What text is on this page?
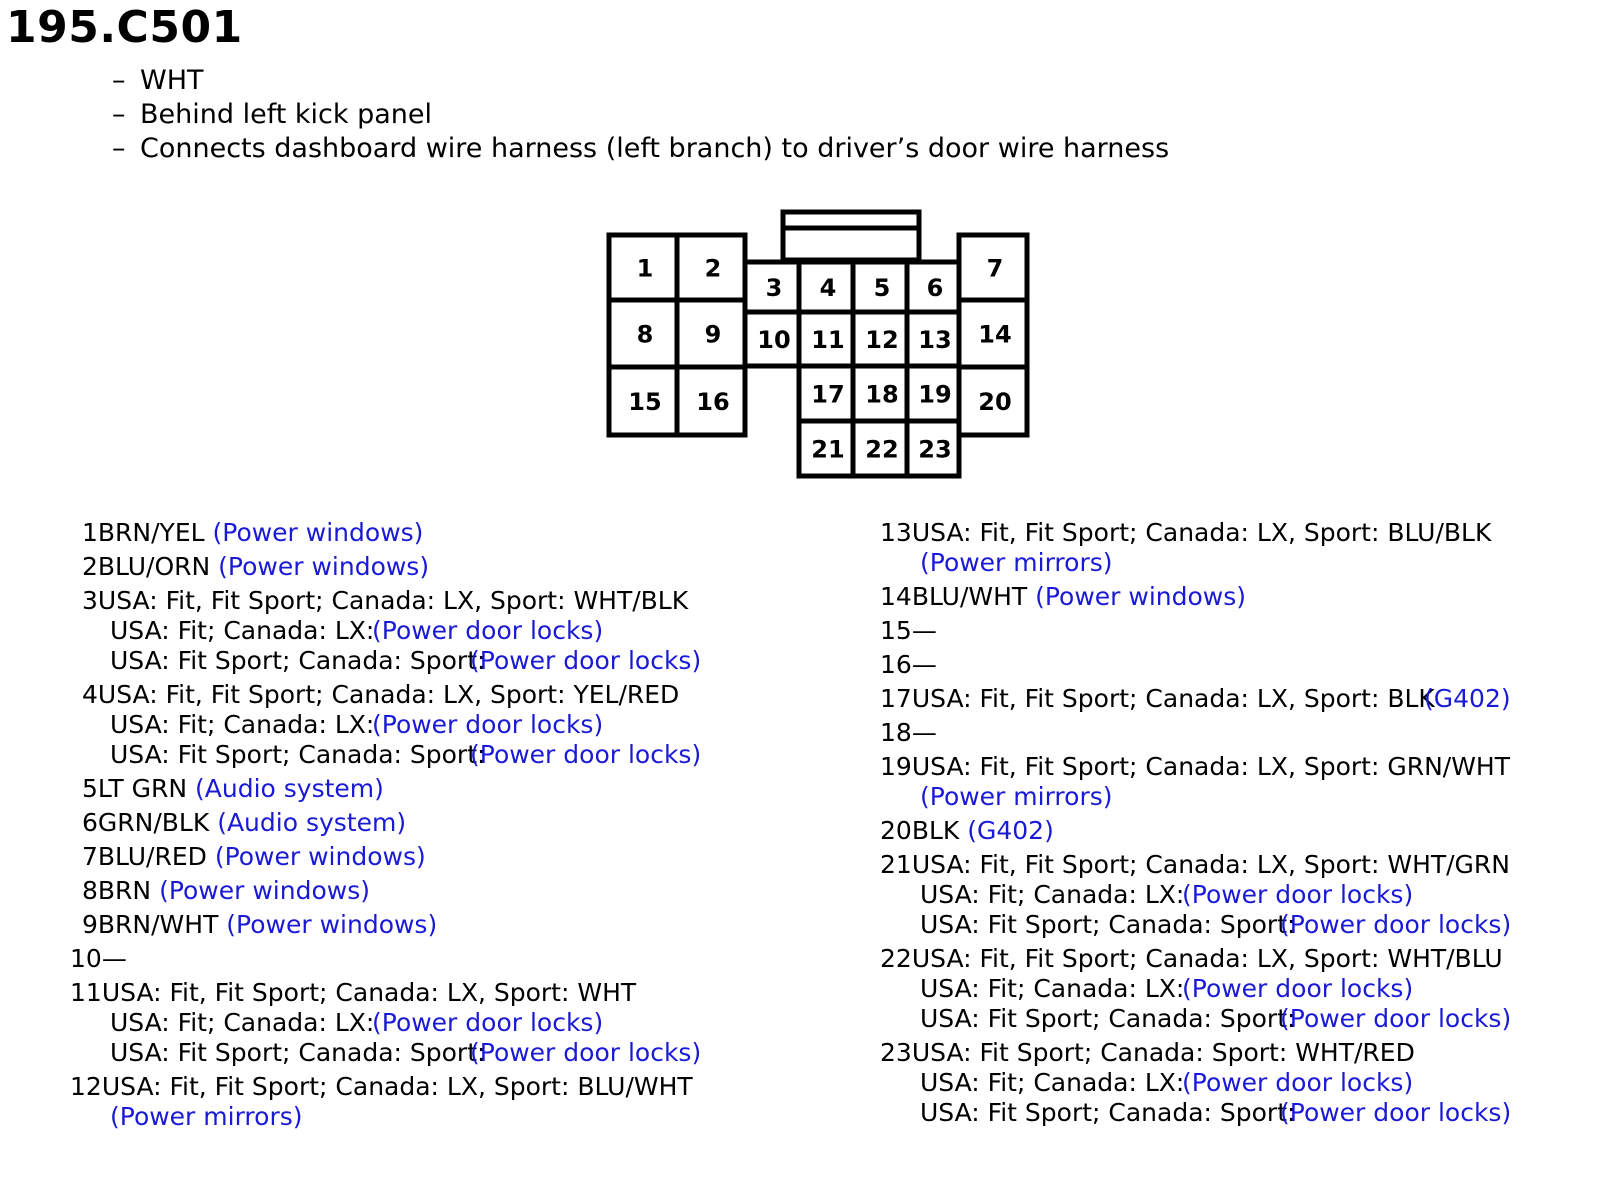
195.C501
– WHT
– Behind left kick panel
– Connects dashboard wire harness (left branch) to driver’s door wire harness
1 2
3 4 5 6
7
8 9 10 11 12 13 14
15 16	17 18 19 20
21 22 23
1BRN/YEL (Power windows)
2BLU/ORN (Power windows)
3USA: Fit, Fit Sport; Canada: LX, Sport: WHT/BLK
USA: Fit; Canada: LX:
(Power door locks)
USA: Fit Sport; Canada: Sport:
(Power door locks)
4USA: Fit, Fit Sport; Canada: LX, Sport: YEL/RED
USA: Fit; Canada: LX:
(Power door locks)
USA: Fit Sport; Canada: Sport:
(Power door locks)
5LT GRN (Audio system)
6GRN/BLK (Audio system)
7BLU/RED (Power windows)
8BRN (Power windows)
9BRN/WHT (Power windows)
10—
11USA: Fit, Fit Sport; Canada: LX, Sport: WHT
USA: Fit; Canada: LX:
(Power door locks)
USA: Fit Sport; Canada: Sport:
(Power door locks)
12USA: Fit, Fit Sport; Canada: LX, Sport: BLU/WHT
(Power mirrors)
13USA: Fit, Fit Sport; Canada: LX, Sport: BLU/BLK
(Power mirrors)
14BLU/WHT (Power windows)
15—
16—
17USA: Fit, Fit Sport; Canada: LX, Sport: BLK
(G402)
18—
19USA: Fit, Fit Sport; Canada: LX, Sport: GRN/WHT
(Power mirrors)
20BLK (G402)
21USA: Fit, Fit Sport; Canada: LX, Sport: WHT/GRN
USA: Fit; Canada: LX:
(Power door locks)
USA: Fit Sport; Canada: Sport:
(Power door locks)
22USA: Fit, Fit Sport; Canada: LX, Sport: WHT/BLU
USA: Fit; Canada: LX:
(Power door locks)
USA: Fit Sport; Canada: Sport:
(Power door locks)
23USA: Fit Sport; Canada: Sport: WHT/RED
USA: Fit; Canada: LX:
(Power door locks)
USA: Fit Sport; Canada: Sport:
(Power door locks)
